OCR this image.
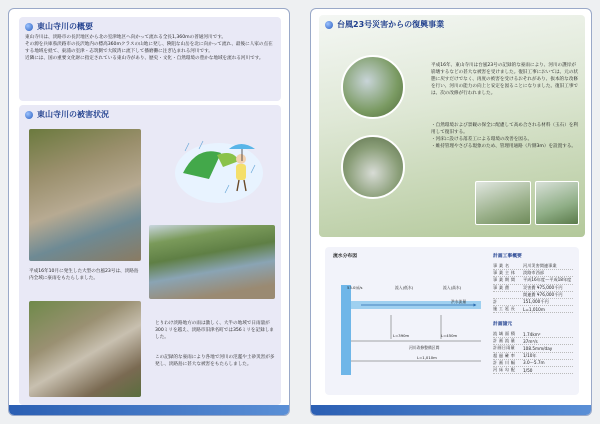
東山寺川の概要

東山寺川は、淡路市の長沢地区から北の室津地区へ向かって流れる全長1,360mの普通河川です。

その源を兵庫県淡路市の長沢地内の標高360mクラスの山地に発し、険阻な山岳を北に向かって流れ、最後に人家の点在する地域を経て、東浦の室津・志筑側で大阪湾に流下して播磨灘に注ぎ込まれる河川です。

近隣には、国の重要文化財に指定されている東山寺があり、歴史・文化・自然環境の豊かな地域を流れる河川です。

東山寺川の被害状況
平成16年10月に発生した大型の台風23号は、淡路島内全域に豪雨をもたらしました。
とりわけ淡路地方の雨は激しく、大半の地域で日雨量が300ミリを越え、淡路市旧津名町では356ミリを記録しました。
この記録的な豪雨により各地で河川の氾濫や土砂災害が多発し、淡路島に甚大な被害をもたらしました。
台風23号災害からの復興事業
平成16年、東山寺川は台風23号の記録的な豪雨により、河川の護岸が崩壊するなどの甚大な被害を受けました。復旧工事においては、元の状態に戻すだけでなく、再度の被害を受けるおそれがあり、抜本的な改修を行い、河川の能力の向上と安定を図ることになりました。復旧工事では、次の改修が行われました。

・自然環境および景観の保全に配慮して高め合される材料（玉石）を利用して復旧する。

・河床に設ける落差工による環境の改善を図る。

・維持管理やさびる現象のため、管理用通路（片側3m）を設置する。

流水分布図
53.0㎥/s	流入(低水)	流入(高水)
洪水流量
L=390m	L=450m
河川改修整備区間
L=1,010m
計画工事概要
事 業 名	河川災害関連事業
事 業 主 体	淡路市西部
事 業 期 間	平成16年度〜平成18年度
事 業 費	災害費 ¥75,000千円
関連費 ¥76,000千円
計	151,000千円
施 工 延 長	L=1,010m
計画諸元
流 域 面 積	1.74km²
計 画 流 量	37m³/s
計画日雨量	108.5mm/day
超 過 確 率	1/10年
計 画 川 幅	3.0〜5.7m
河 床 勾 配	1/50
